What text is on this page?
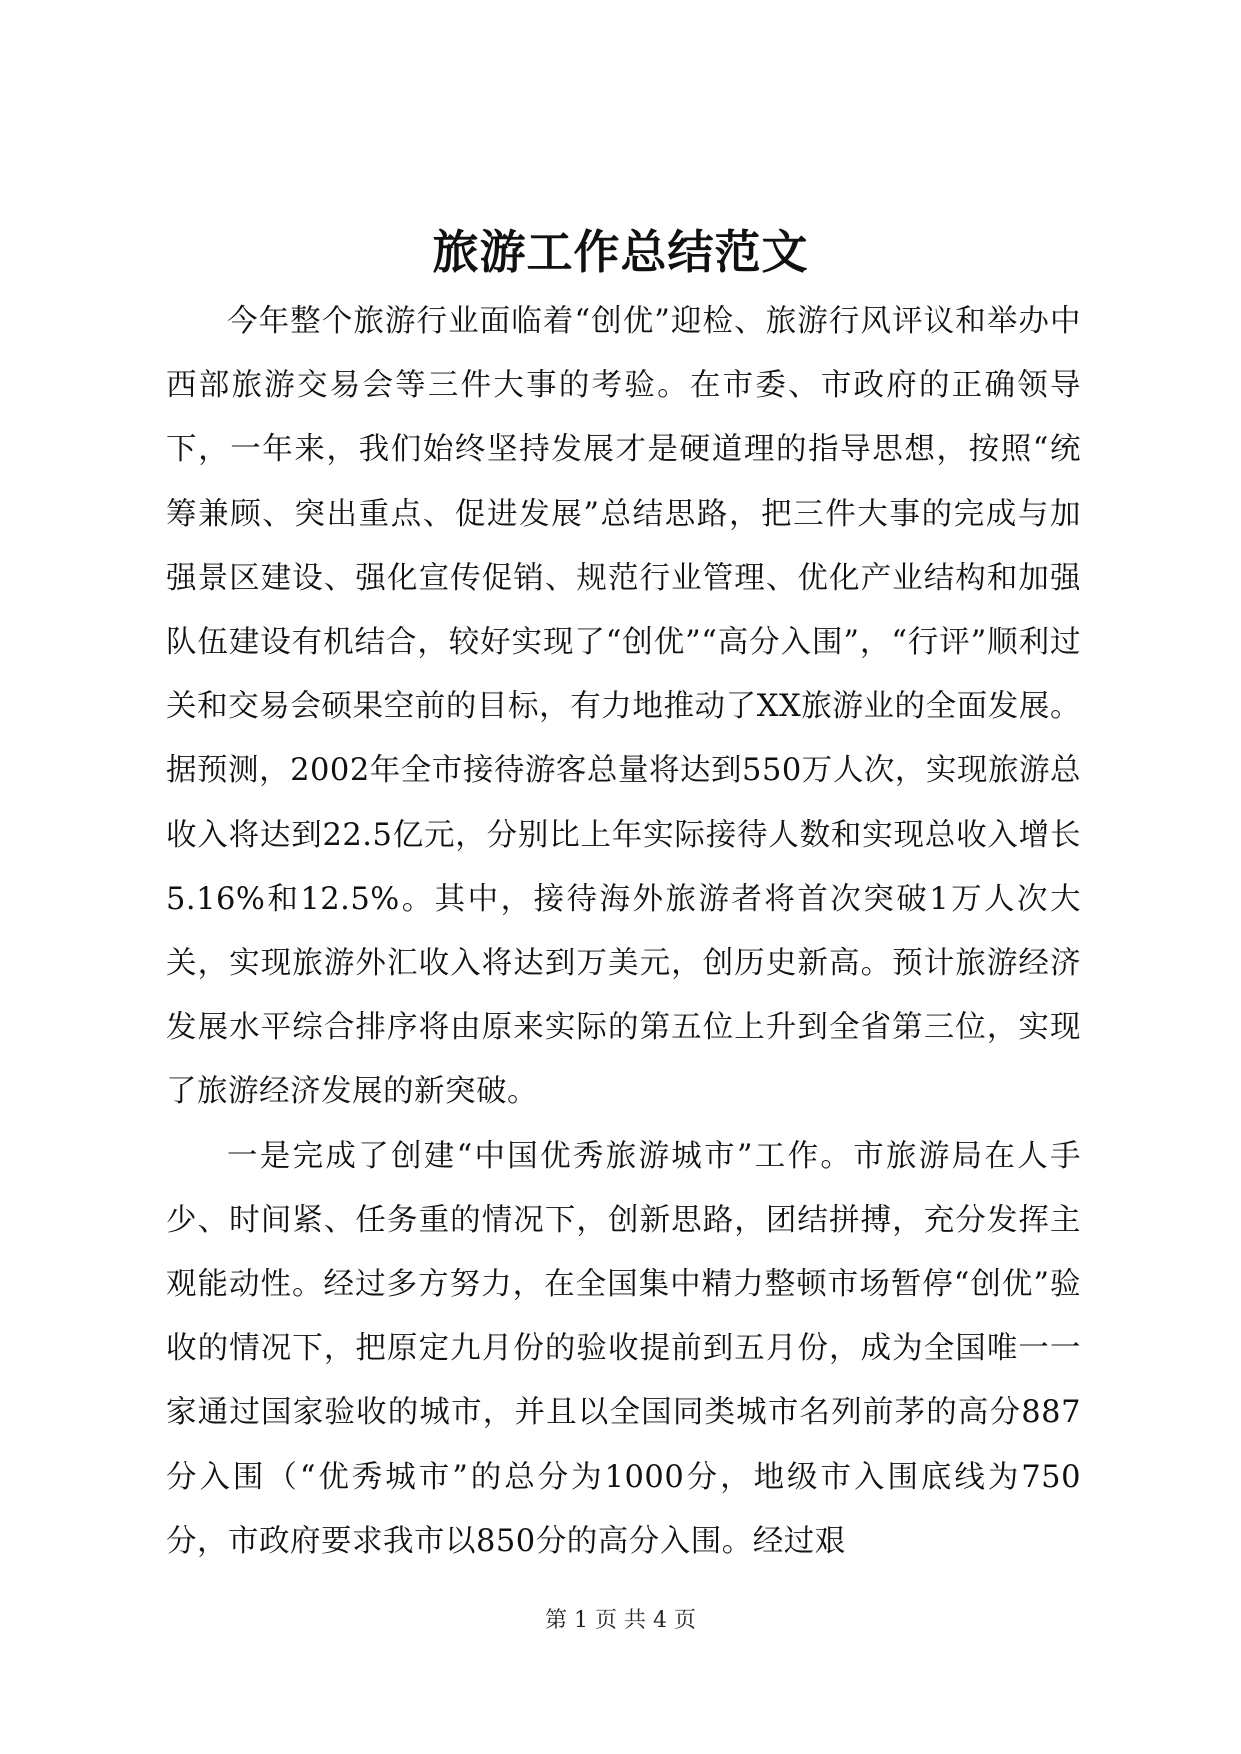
旅游工作总结范文

今年整个旅游行业面临着“创优”迎检、旅游行风评议和举办中西部旅游交易会等三件大事的考验。在市委、市政府的正确领导下，一年来，我们始终坚持发展才是硬道理的指导思想，按照“统筹兼顾、突出重点、促进发展”总结思路，把三件大事的完成与加强景区建设、强化宣传促销、规范行业管理、优化产业结构和加强队伍建设有机结合，较好实现了“创优”“高分入围”，“行评”顺利过关和交易会硕果空前的目标，有力地推动了XX旅游业的全面发展。据预测，2002年全市接待游客总量将达到550万人次，实现旅游总收入将达到22.5亿元，分别比上年实际接待人数和实现总收入增长5.16%和12.5%。其中，接待海外旅游者将首次突破1万人次大关，实现旅游外汇收入将达到万美元，创历史新高。预计旅游经济发展水平综合排序将由原来实际的第五位上升到全省第三位，实现了旅游经济发展的新突破。

一是完成了创建“中国优秀旅游城市”工作。市旅游局在人手少、时间紧、任务重的情况下，创新思路，团结拼搏，充分发挥主观能动性。经过多方努力，在全国集中精力整顿市场暂停“创优”验收的情况下，把原定九月份的验收提前到五月份，成为全国唯一一家通过国家验收的城市，并且以全国同类城市名列前茅的高分887分入围（“优秀城市”的总分为1000分，地级市入围底线为750分，市政府要求我市以850分的高分入围。经过艰

第 1 页 共 4 页
